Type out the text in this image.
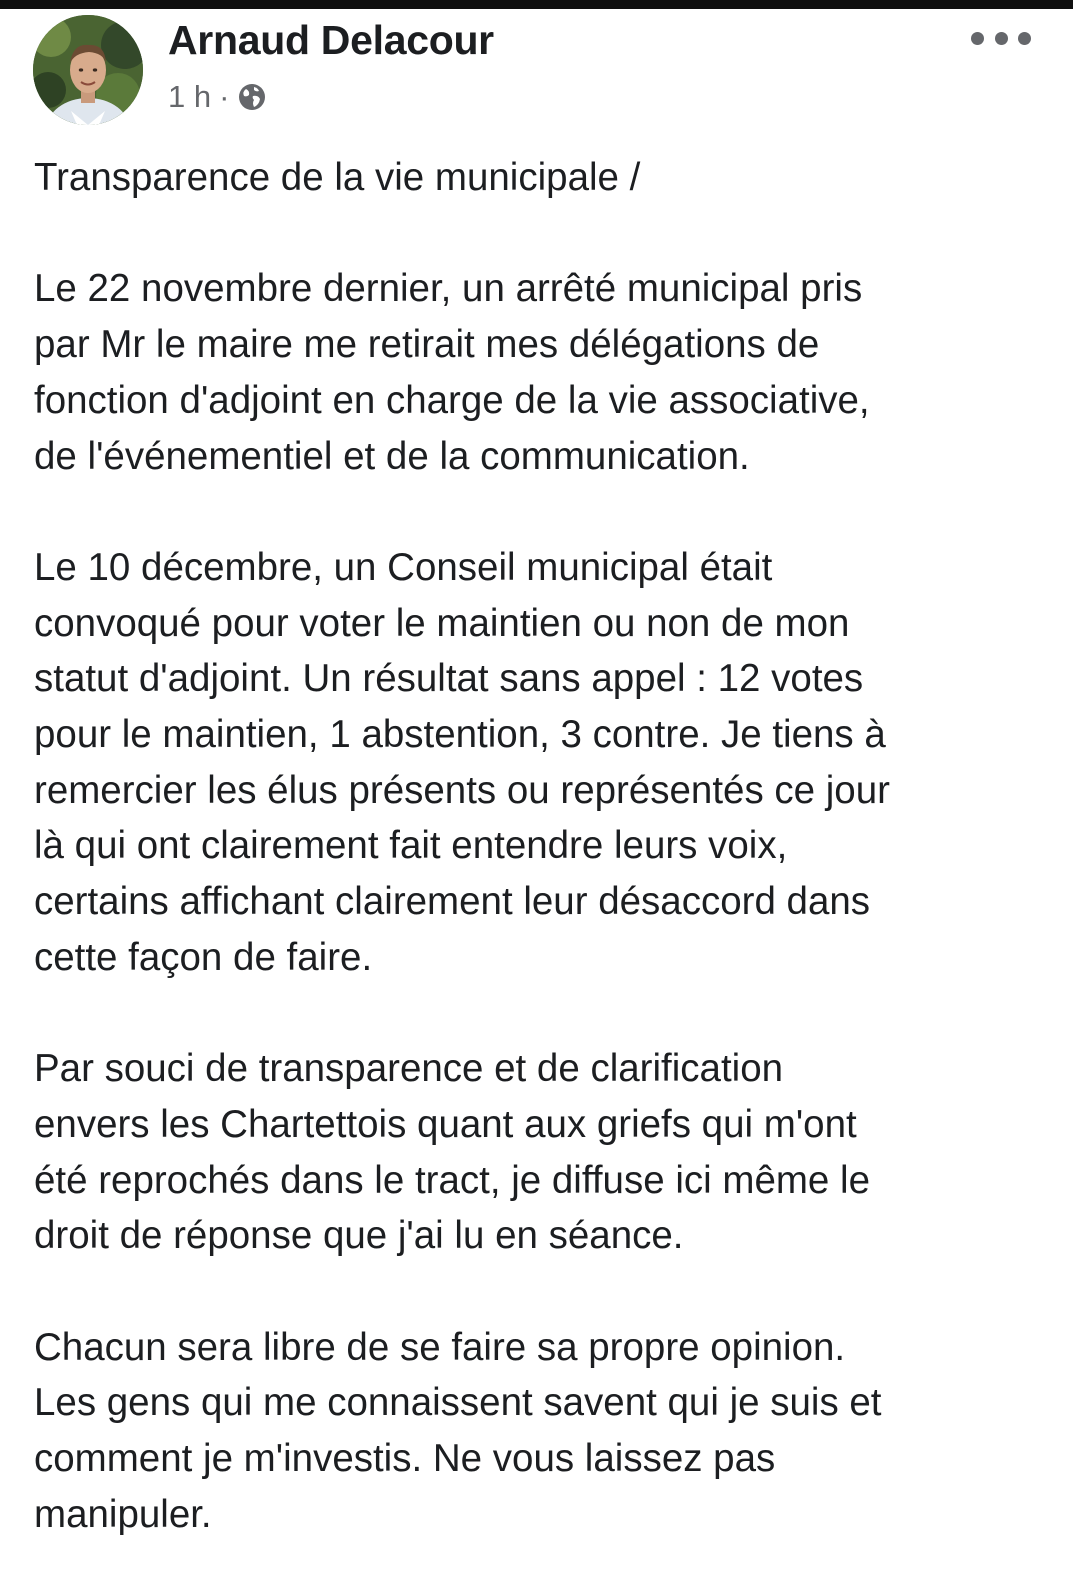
Arnaud Delacour
1 h ·

Transparence de la vie municipale /

Le 22 novembre dernier, un arrêté municipal pris
par Mr le maire me retirait mes délégations de
fonction d'adjoint en charge de la vie associative,
de l'événementiel et de la communication.

Le 10 décembre, un Conseil municipal était
convoqué pour voter le maintien ou non de mon
statut d'adjoint. Un résultat sans appel : 12 votes
pour le maintien, 1 abstention, 3 contre. Je tiens à
remercier les élus présents ou représentés ce jour
là qui ont clairement fait entendre leurs voix,
certains affichant clairement leur désaccord dans
cette façon de faire.

Par souci de transparence et de clarification
envers les Chartettois quant aux griefs qui m'ont
été reprochés dans le tract, je diffuse ici même le
droit de réponse que j'ai lu en séance.

Chacun sera libre de se faire sa propre opinion.
Les gens qui me connaissent savent qui je suis et
comment je m'investis. Ne vous laissez pas
manipuler.
